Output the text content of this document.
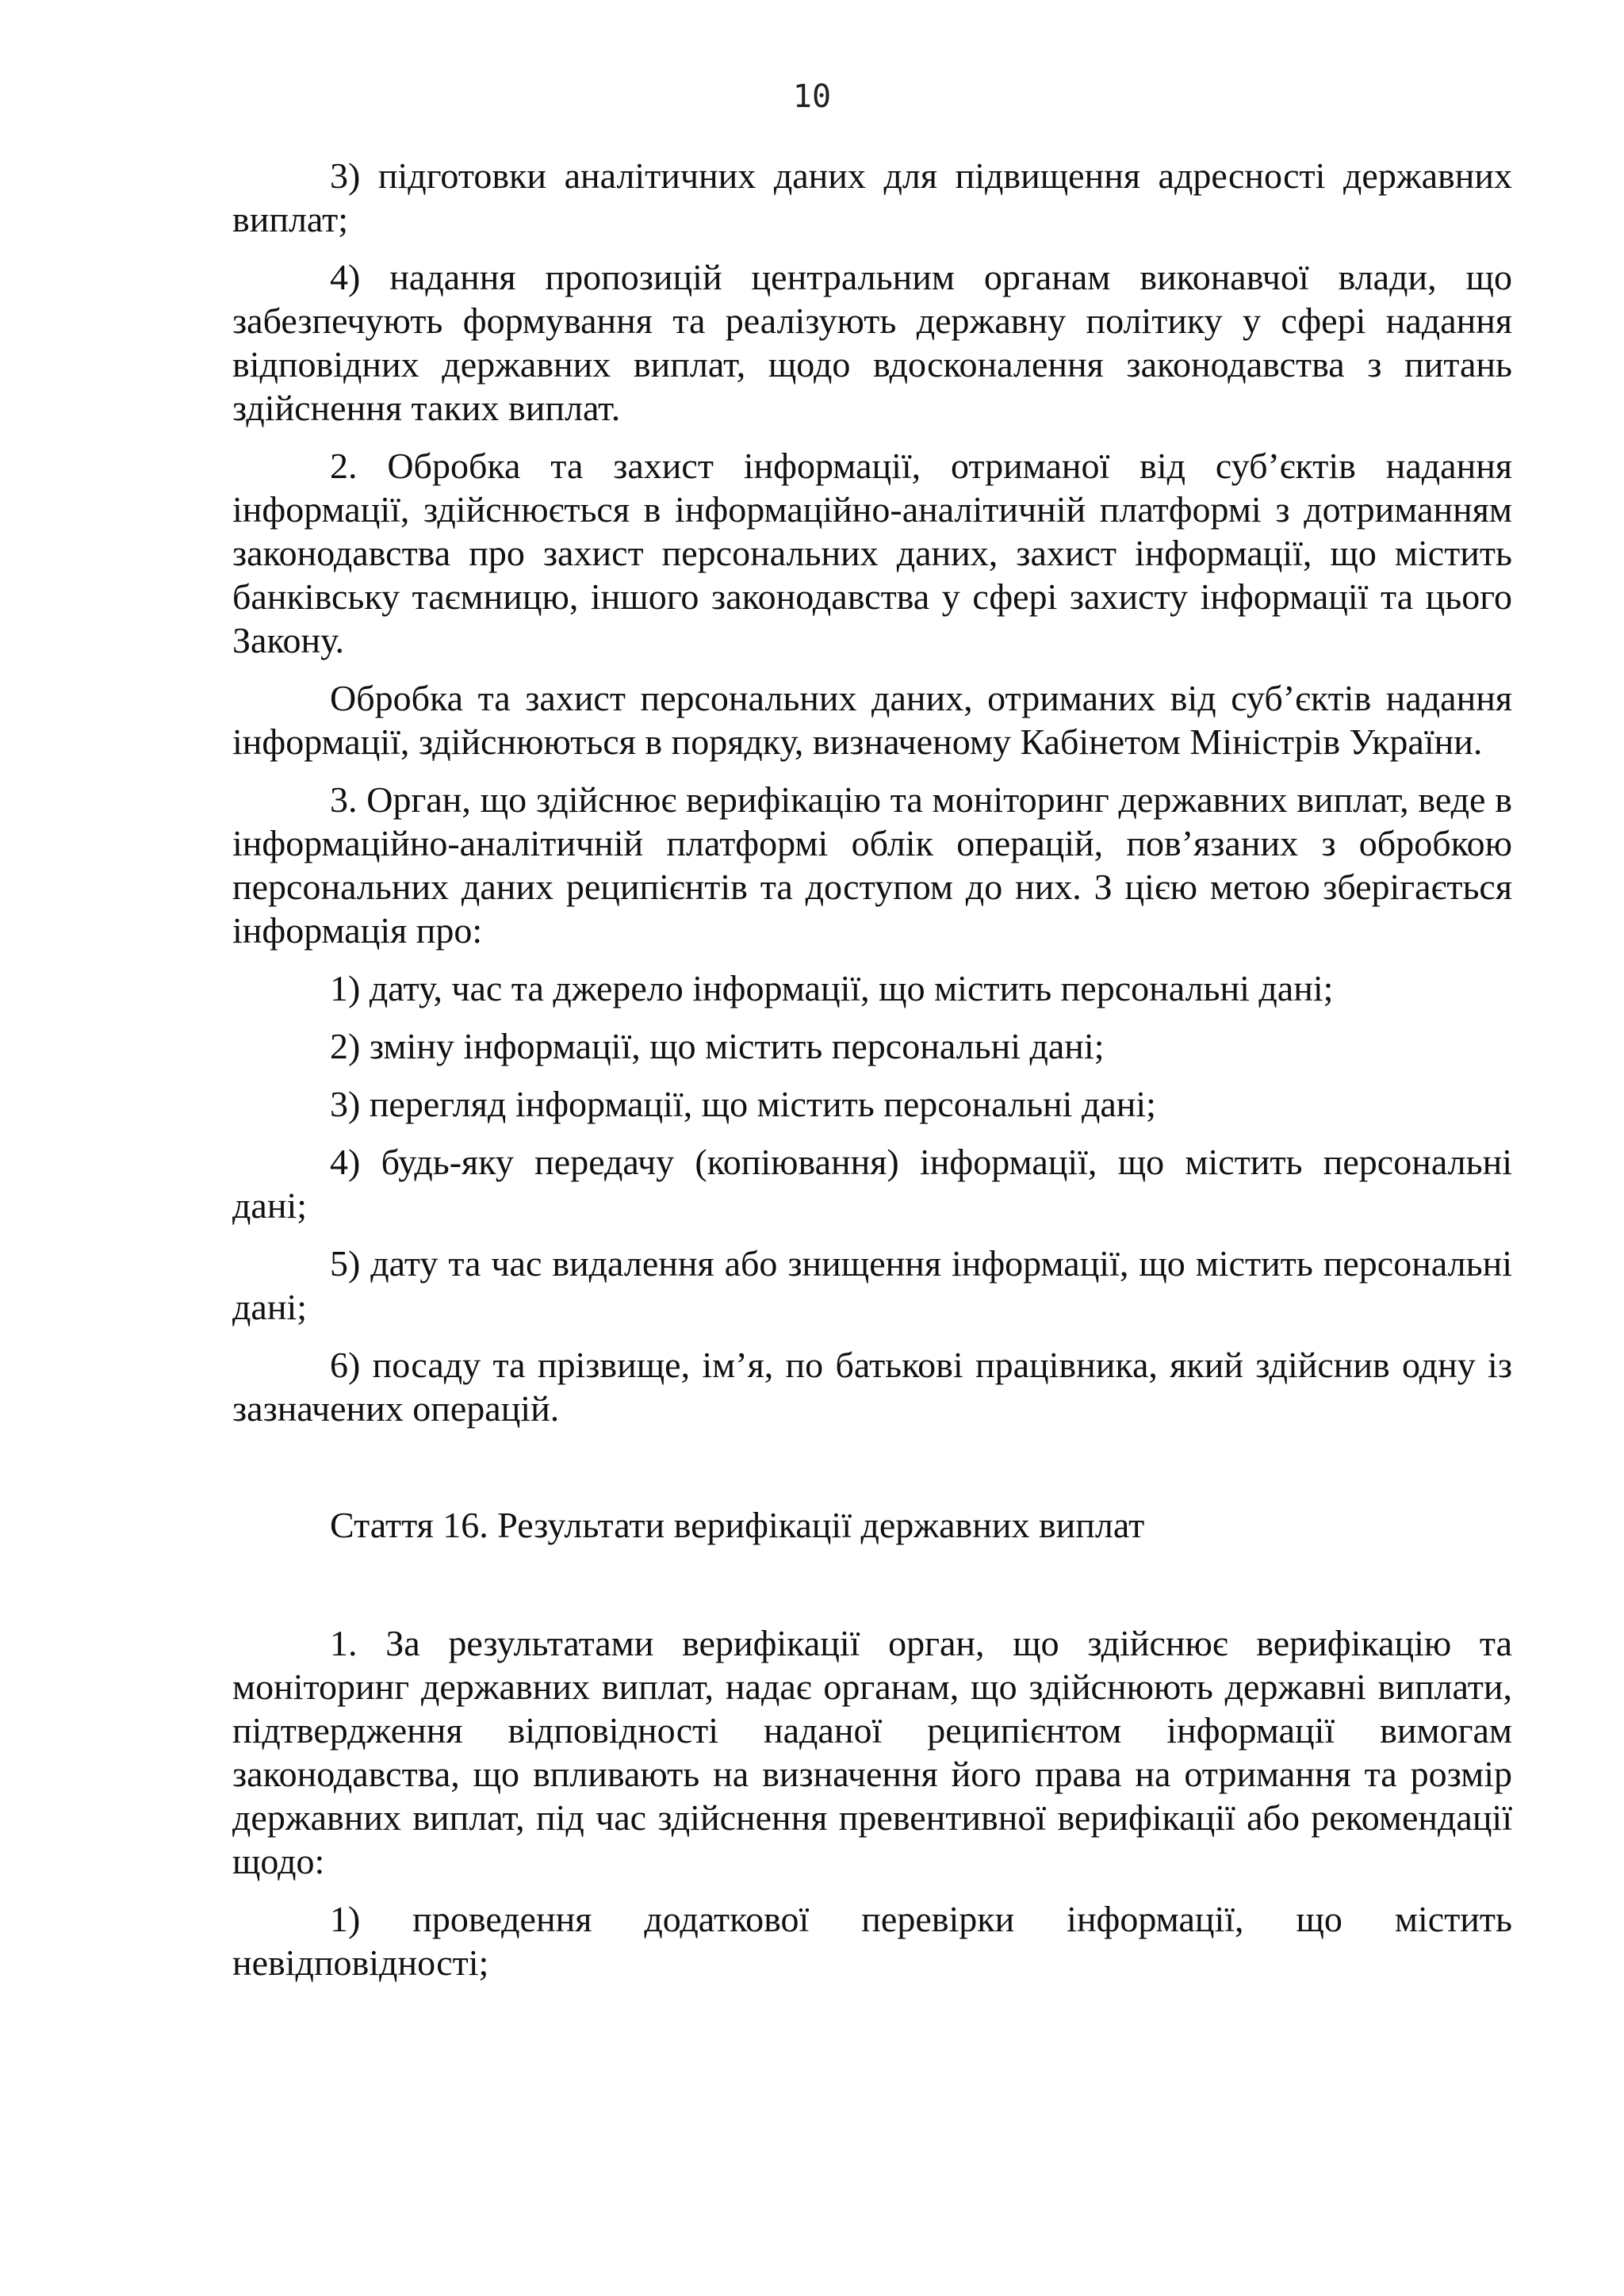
10

3) підготовки аналітичних даних для підвищення адресності державних виплат;

4) надання пропозицій центральним органам виконавчої влади, що забезпечують формування та реалізують державну політику у сфері надання відповідних державних виплат, щодо вдосконалення законодавства з питань здійснення таких виплат.

2. Обробка та захист інформації, отриманої від суб’єктів надання інформації, здійснюється в інформаційно-аналітичній платформі з дотриманням законодавства про захист персональних даних, захист інформації, що містить банківську таємницю, іншого законодавства у сфері захисту інформації та цього Закону.

Обробка та захист персональних даних, отриманих від суб’єктів надання інформації, здійснюються в порядку, визначеному Кабінетом Міністрів України.

3. Орган, що здійснює верифікацію та моніторинг державних виплат, веде в інформаційно-аналітичній платформі облік операцій, пов’язаних з обробкою персональних даних реципієнтів та доступом до них. З цією метою зберігається інформація про:

1) дату, час та джерело інформації, що містить персональні дані;

2) зміну інформації, що містить персональні дані;

3) перегляд інформації, що містить персональні дані;

4) будь-яку передачу (копіювання) інформації, що містить персональні дані;

5) дату та час видалення або знищення інформації, що містить персональні дані;

6) посаду та прізвище, ім’я, по батькові працівника, який здійснив одну із зазначених операцій.

Стаття 16. Результати верифікації державних виплат

1. За результатами верифікації орган, що здійснює верифікацію та моніторинг державних виплат, надає органам, що здійснюють державні виплати, підтвердження відповідності наданої реципієнтом інформації вимогам законодавства, що впливають на визначення його права на отримання та розмір державних виплат, під час здійснення превентивної верифікації або рекомендації щодо:

1) проведення додаткової перевірки інформації, що містить невідповідності;
